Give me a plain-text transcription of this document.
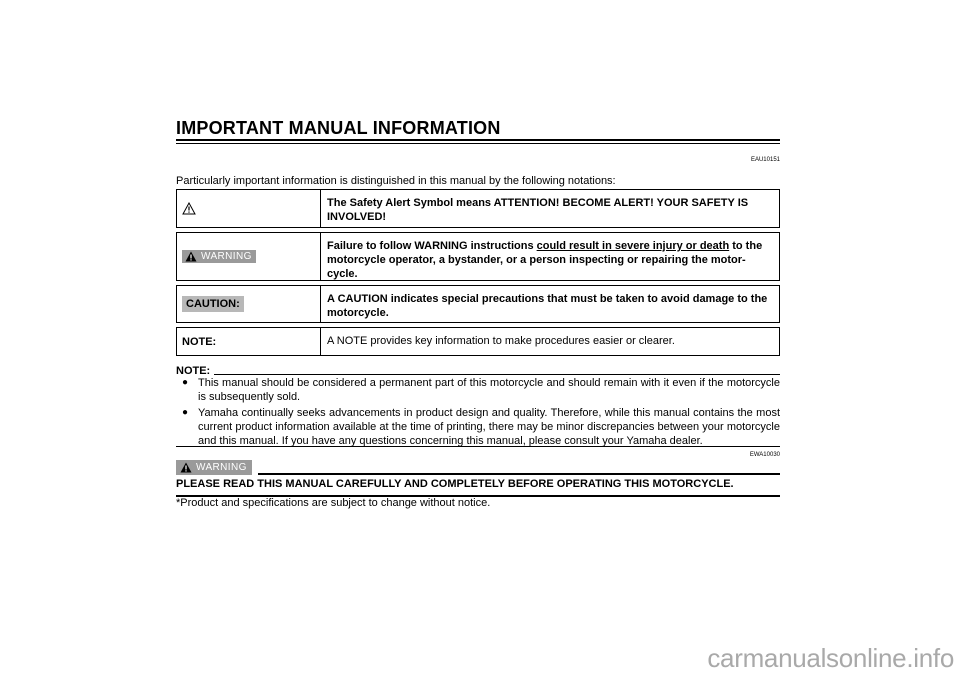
IMPORTANT MANUAL INFORMATION
EAU10151
Particularly important information is distinguished in this manual by the following notations:
The Safety Alert Symbol means ATTENTION! BECOME ALERT! YOUR SAFETY IS INVOLVED!
WARNING
Failure to follow WARNING instructions could result in severe injury or death to the motorcycle operator, a bystander, or a person inspecting or repairing the motor-cycle.
CAUTION:	A CAUTION indicates special precautions that must be taken to avoid damage to the motorcycle.
NOTE:	A NOTE provides key information to make procedures easier or clearer.
NOTE:
● This manual should be considered a permanent part of this motorcycle and should remain with it even if the motorcycle is subsequently sold.
● Yamaha continually seeks advancements in product design and quality. Therefore, while this manual contains the most current product information available at the time of printing, there may be minor discrepancies between your motorcycle and this manual. If you have any questions concerning this manual, please consult your Yamaha dealer.
EWA10030
WARNING
PLEASE READ THIS MANUAL CAREFULLY AND COMPLETELY BEFORE OPERATING THIS MOTORCYCLE.
*Product and specifications are subject to change without notice.
carmanualsonline.info
